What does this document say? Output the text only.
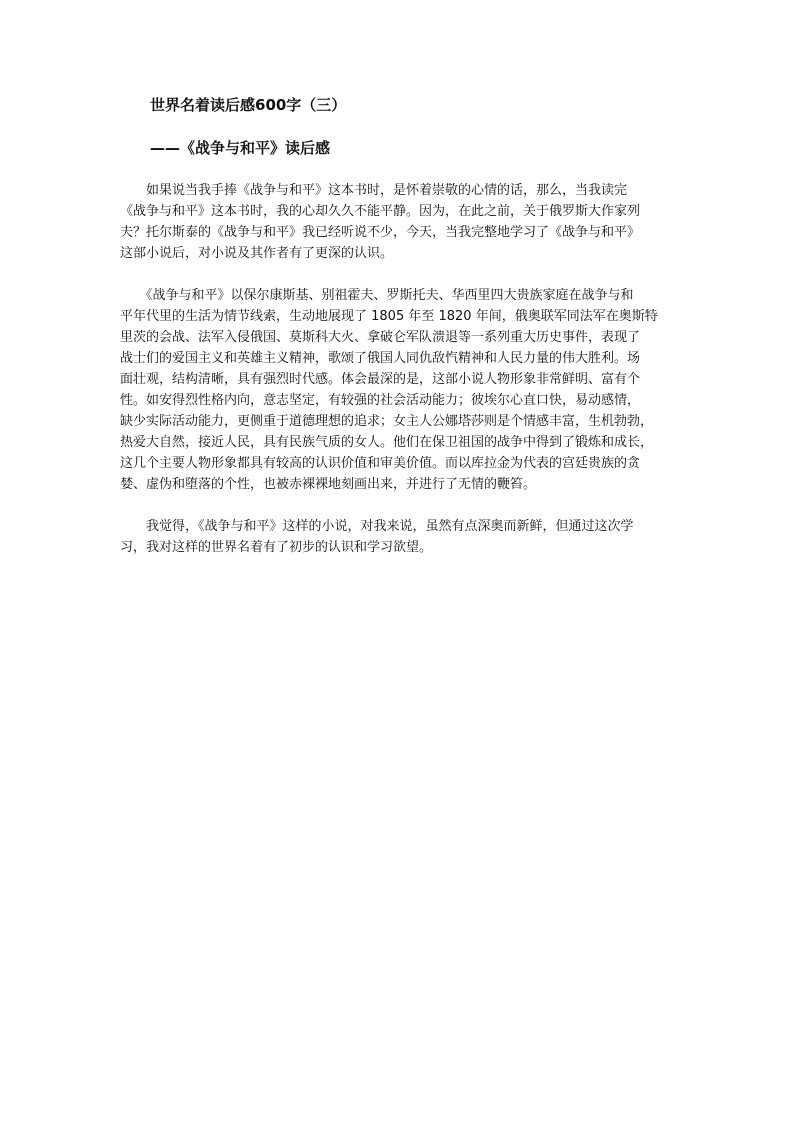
世界名着读后感600字（三）
——《战争与和平》读后感

　　如果说当我手捧《战争与和平》这本书时，是怀着崇敬的心情的话，那么，当我读完
《战争与和平》这本书时，我的心却久久不能平静。因为，在此之前，关于俄罗斯大作家列
夫？托尔斯泰的《战争与和平》我已经听说不少，今天，当我完整地学习了《战争与和平》
这部小说后，对小说及其作者有了更深的认识。

　　《战争与和平》以保尔康斯基、别祖霍夫、罗斯托夫、华西里四大贵族家庭在战争与和
平年代里的生活为情节线索，生动地展现了 1805 年至 1820 年间，俄奥联军同法军在奥斯特
里茨的会战、法军入侵俄国、莫斯科大火、拿破仑军队溃退等一系列重大历史事件，表现了
战士们的爱国主义和英雄主义精神，歌颂了俄国人同仇敌忾精神和人民力量的伟大胜利。场
面壮观，结构清晰，具有强烈时代感。体会最深的是，这部小说人物形象非常鲜明、富有个
性。如安得烈性格内向，意志坚定，有较强的社会活动能力；彼埃尔心直口快，易动感情，
缺少实际活动能力，更侧重于道德理想的追求；女主人公娜塔莎则是个情感丰富，生机勃勃，
热爱大自然，接近人民，具有民族气质的女人。他们在保卫祖国的战争中得到了锻炼和成长，
这几个主要人物形象都具有较高的认识价值和审美价值。而以库拉金为代表的宫廷贵族的贪
婪、虚伪和堕落的个性，也被赤裸裸地刻画出来，并进行了无情的鞭笞。

　　我觉得，《战争与和平》这样的小说，对我来说，虽然有点深奥而新鲜，但通过这次学
习，我对这样的世界名着有了初步的认识和学习欲望。
